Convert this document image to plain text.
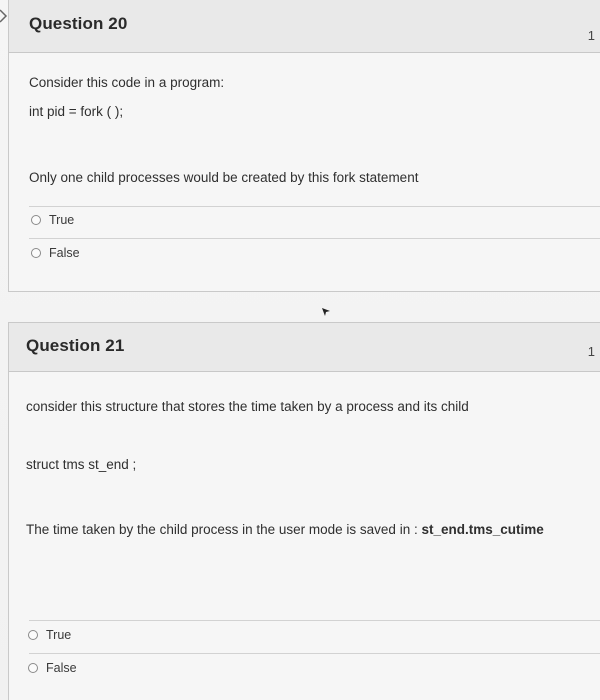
Question 20
1
Consider this code in a program:
int pid = fork ( );
Only one child processes would be created by this fork statement
True
False
Question 21	1
consider this structure that stores the time taken by a process and its child
struct tms st_end ;
The time taken by the child process in the user mode is saved in : st_end.tms_cutime
True
False
